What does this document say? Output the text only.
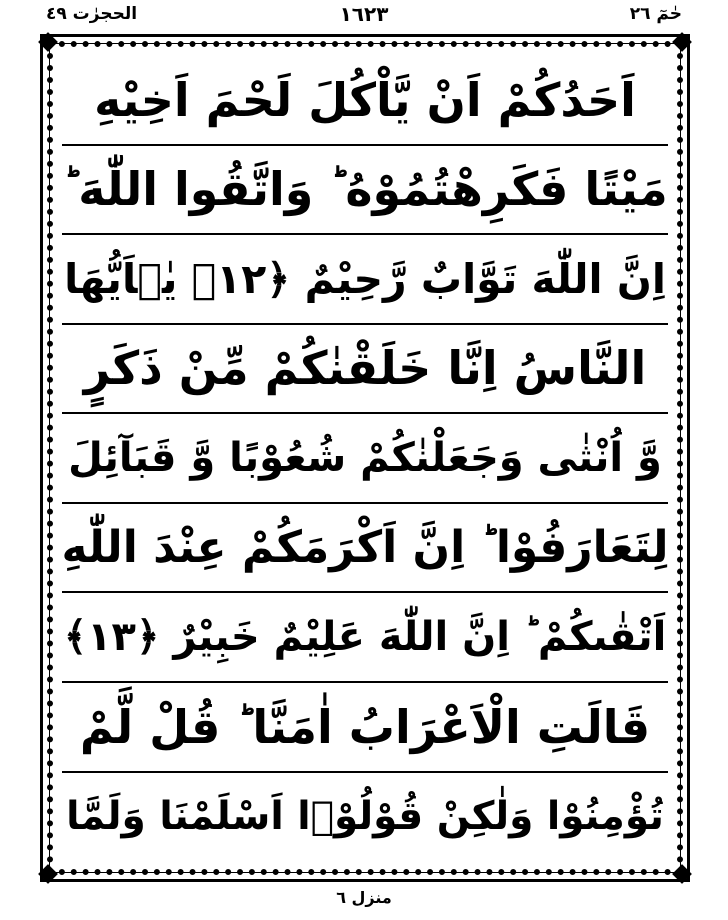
الحجرٰت ٤٩	١٦٢٣	حٰمٓ ٢٦
اَحَدُكُمْ اَنْ يَّاْكُلَ لَحْمَ اَخِيْهِ
مَيْتًا فَكَرِهْتُمُوْهُ ؕ وَاتَّقُوا اللّٰهَ ؕ
اِنَّ اللّٰهَ تَوَّابٌ رَّحِيْمٌ ﴿١٢﴾ يٰۤاَيُّهَا
النَّاسُ اِنَّا خَلَقْنٰكُمْ مِّنْ ذَكَرٍ
وَّ اُنْثٰى وَجَعَلْنٰكُمْ شُعُوْبًا وَّ قَبَآئِلَ
لِتَعَارَفُوْا ؕ اِنَّ اَكْرَمَكُمْ عِنْدَ اللّٰهِ
اَتْقٰىكُمْ ؕ اِنَّ اللّٰهَ عَلِيْمٌ خَبِيْرٌ ﴿١٣﴾
قَالَتِ الْاَعْرَابُ اٰمَنَّا ؕ قُلْ لَّمْ
تُؤْمِنُوْا وَلٰكِنْ قُوْلُوْۤا اَسْلَمْنَا وَلَمَّا
منزل ٦
